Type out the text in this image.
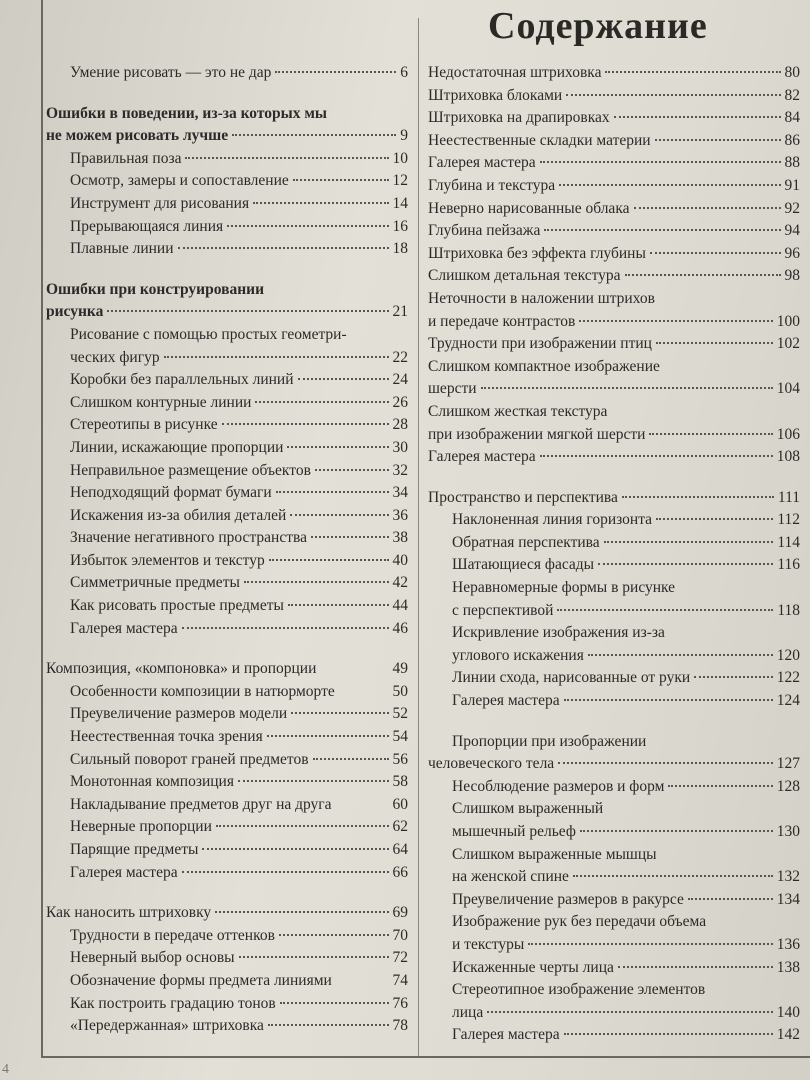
Содержание
Умение рисовать — это не дар	6
Ошибки в поведении, из-за которых мы
не можем рисовать лучше	9
Правильная поза	10
Осмотр, замеры и сопоставление	12
Инструмент для рисования	14
Прерывающаяся линия	16
Плавные линии	18
Ошибки при конструировании
рисунка	21
Рисование с помощью простых геометри-
ческих фигур	22
Коробки без параллельных линий	24
Слишком контурные линии	26
Стереотипы в рисунке	28
Линии, искажающие пропорции	30
Неправильное размещение объектов	32
Неподходящий формат бумаги	34
Искажения из-за обилия деталей	36
Значение негативного пространства	38
Избыток элементов и текстур	40
Симметричные предметы	42
Как рисовать простые предметы	44
Галерея мастера	46
Композиция, «компоновка» и пропорции	49
Особенности композиции в натюрморте	50
Преувеличение размеров модели	52
Неестественная точка зрения	54
Сильный поворот граней предметов	56
Монотонная композиция	58
Накладывание предметов друг на друга	60
Неверные пропорции	62
Парящие предметы	64
Галерея мастера	66
Как наносить штриховку	69
Трудности в передаче оттенков	70
Неверный выбор основы	72
Обозначение формы предмета линиями	74
Как построить градацию тонов	76
«Передержанная» штриховка	78
Недостаточная штриховка	80
Штриховка блоками	82
Штриховка на драпировках	84
Неестественные складки материи	86
Галерея мастера	88
Глубина и текстура	91
Неверно нарисованные облака	92
Глубина пейзажа	94
Штриховка без эффекта глубины	96
Слишком детальная текстура	98
Неточности в наложении штрихов
и передаче контрастов	100
Трудности при изображении птиц	102
Слишком компактное изображение
шерсти	104
Слишком жесткая текстура
при изображении мягкой шерсти	106
Галерея мастера	108
Пространство и перспектива	111
Наклоненная линия горизонта	112
Обратная перспектива	114
Шатающиеся фасады	116
Неравномерные формы в рисунке
с перспективой	118
Искривление изображения из-за
углового искажения	120
Линии схода, нарисованные от руки	122
Галерея мастера	124
Пропорции при изображении
человеческого тела	127
Несоблюдение размеров и форм	128
Слишком выраженный
мышечный рельеф	130
Слишком выраженные мышцы
на женской спине	132
Преувеличение размеров в ракурсе	134
Изображение рук без передачи объема
и текстуры	136
Искаженные черты лица	138
Стереотипное изображение элементов
лица	140
Галерея мастера	142
4
